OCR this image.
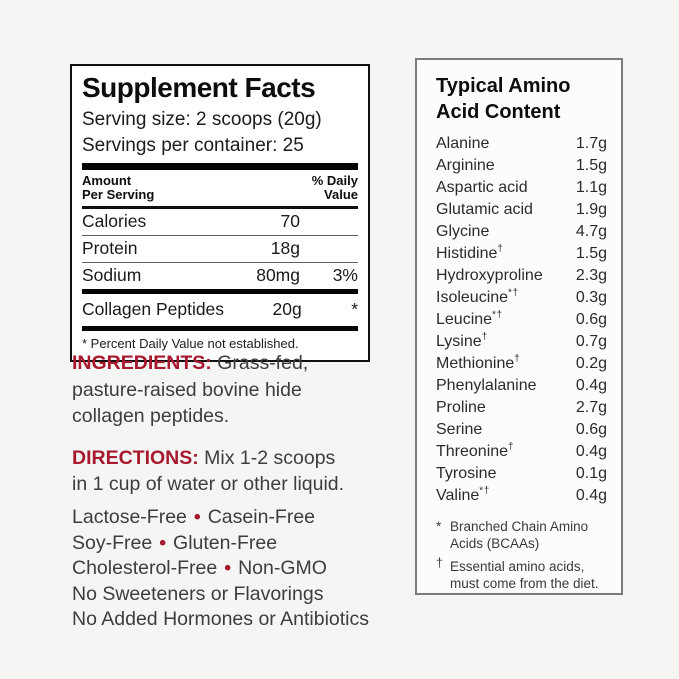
Supplement Facts
Serving size: 2 scoops (20g)
Servings per container: 25
Amount
Per Serving
% Daily
Value
Calories	70
Protein	18g
Sodium	80mg	3%
Collagen Peptides	20g	*
* Percent Daily Value not established.

INGREDIENTS: Grass-fed,
pasture-raised bovine hide
collagen peptides.

DIRECTIONS: Mix 1-2 scoops
in 1 cup of water or other liquid.

Lactose-Free • Casein-Free
Soy-Free • Gluten-Free
Cholesterol-Free • Non-GMO
No Sweeteners or Flavorings
No Added Hormones or Antibiotics
Typical Amino
Acid Content
Alanine	1.7g
Arginine	1.5g
Aspartic acid	1.1g
Glutamic acid	1.9g
Glycine	4.7g
Histidine†	1.5g
Hydroxyproline 2.3g
Isoleucine*†	0.3g
Leucine*†	0.6g
Lysine†	0.7g
Methionine†	0.2g
Phenylalanine 0.4g
Proline	2.7g
Serine	0.6g
Threonine†	0.4g
Tyrosine	0.1g
Valine*†	0.4g
* Branched Chain Amino Acids (BCAAs)
† Essential amino acids, must come from the diet.
